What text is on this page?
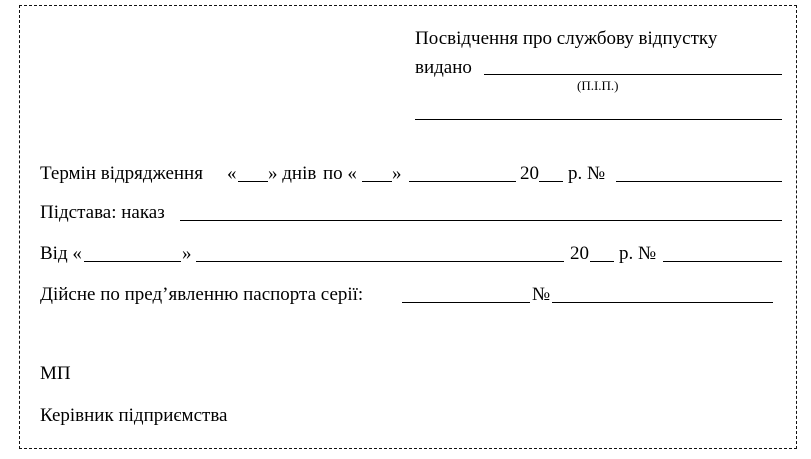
Посвідчення про службову відпустку
видано
(П.І.П.)
Термін відрядження « » днів по « »	20 р. №
Підстава: наказ
Від «	»	20 р. №
Дійсне по пред’явленню паспорта серії:	№
МП
Керівник підприємства
